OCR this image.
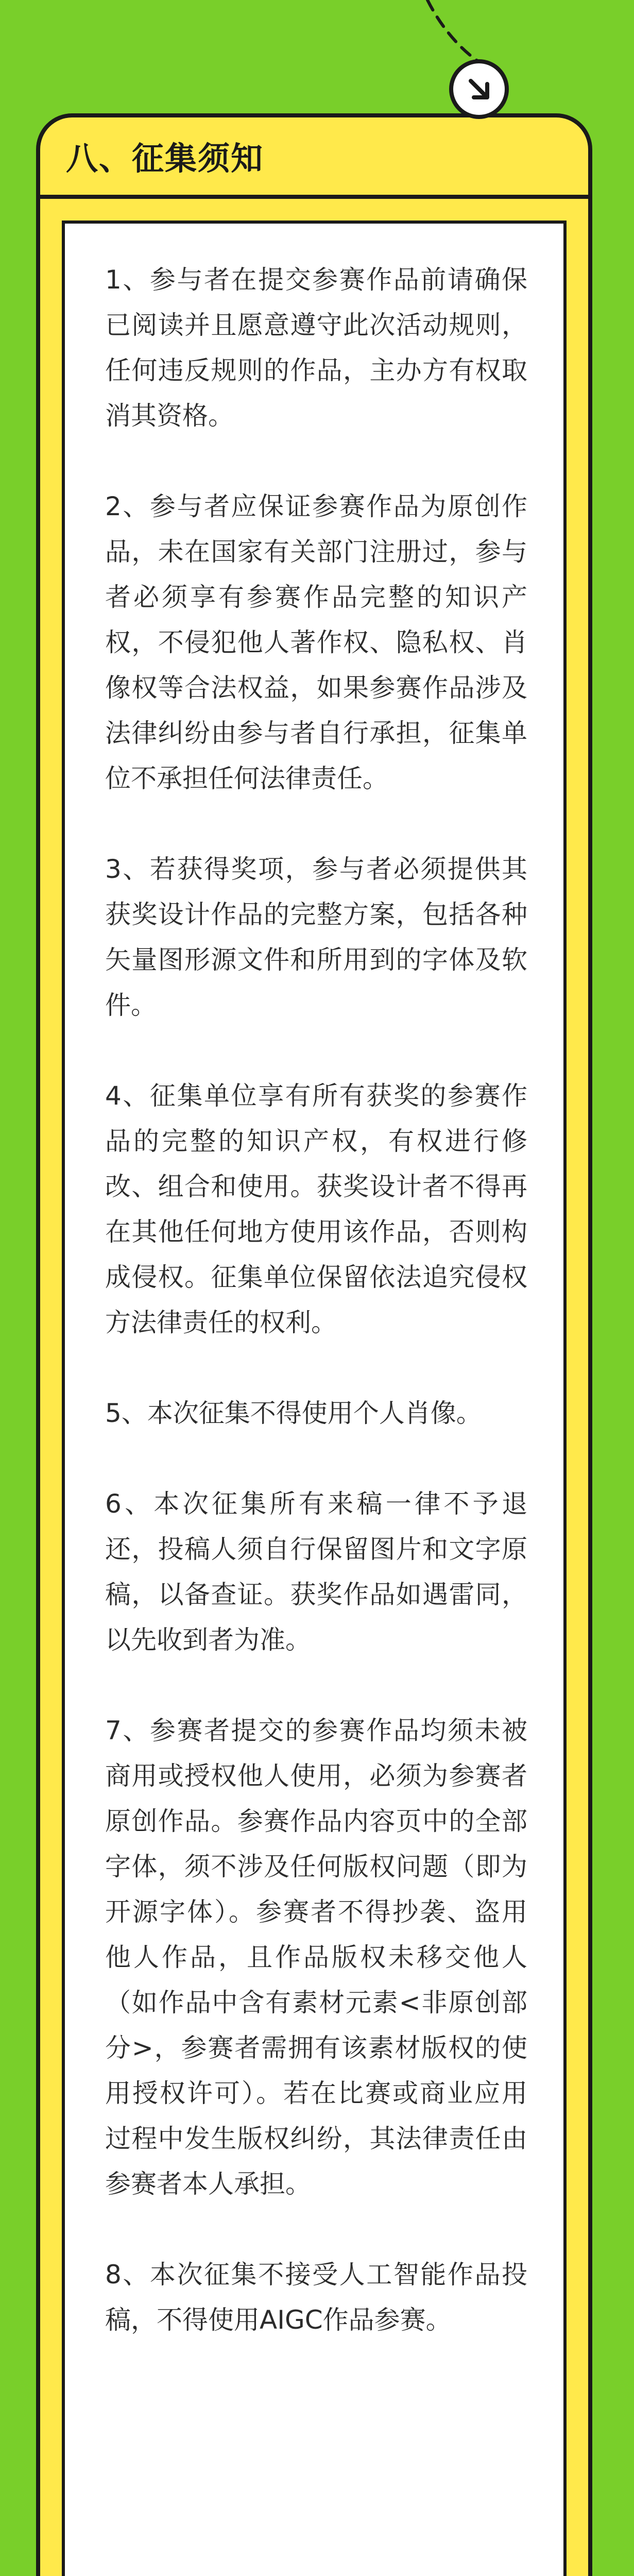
八、征集须知
1、参与者在提交参赛作品前请确保已阅读并且愿意遵守此次活动规则，任何违反规则的作品，主办方有权取消其资格。
2、参与者应保证参赛作品为原创作品，未在国家有关部门注册过，参与者必须享有参赛作品完整的知识产权，不侵犯他人著作权、隐私权、肖像权等合法权益，如果参赛作品涉及法律纠纷由参与者自行承担，征集单位不承担任何法律责任。
3、若获得奖项，参与者必须提供其获奖设计作品的完整方案，包括各种矢量图形源文件和所用到的字体及软件。
4、征集单位享有所有获奖的参赛作品的完整的知识产权，有权进行修改、组合和使用。获奖设计者不得再在其他任何地方使用该作品，否则构成侵权。征集单位保留依法追究侵权方法律责任的权利。
5、本次征集不得使用个人肖像。
6、本次征集所有来稿一律不予退还，投稿人须自行保留图片和文字原稿，以备查证。获奖作品如遇雷同，以先收到者为准。
7、参赛者提交的参赛作品均须未被商用或授权他人使用，必须为参赛者原创作品。参赛作品内容页中的全部字体，须不涉及任何版权问题（即为开源字体）。参赛者不得抄袭、盗用他人作品，且作品版权未移交他人（如作品中含有素材元素<非原创部分>，参赛者需拥有该素材版权的使用授权许可）。若在比赛或商业应用过程中发生版权纠纷，其法律责任由参赛者本人承担。
8、本次征集不接受人工智能作品投稿，不得使用AIGC作品参赛。
